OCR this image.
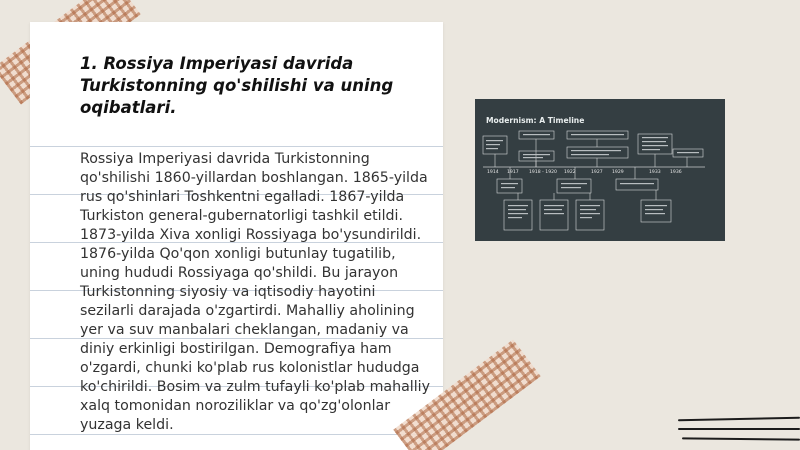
1. Rossiya Imperiyasi davrida Turkistonning qo'shilishi va uning oqibatlari.

Rossiya Imperiyasi davrida Turkistonning qo'shilishi 1860-yillardan boshlangan. 1865-yilda rus qo'shinlari Toshkentni egalladi. 1867-yilda Turkiston general-gubernatorligi tashkil etildi. 1873-yilda Xiva xonligi Rossiyaga bo'ysundirildi. 1876-yilda Qo'qon xonligi butunlay tugatilib, uning hududi Rossiyaga qo'shildi. Bu jarayon Turkistonning siyosiy va iqtisodiy hayotini sezilarli darajada o'zgartirdi. Mahalliy aholining yer va suv manbalari cheklangan, madaniy va diniy erkinligi bostirilgan. Demografiya ham o'zgardi, chunki ko'plab rus kolonistlar hududga ko'chirildi. Bosim va zulm tufayli ko'plab mahalliy xalq tomonidan noroziliklar va qo'zg'olonlar yuzaga keldi.

Modernism: A Timeline
1914 1917 1918 - 1920 1922	1927 1929	1933 1936
